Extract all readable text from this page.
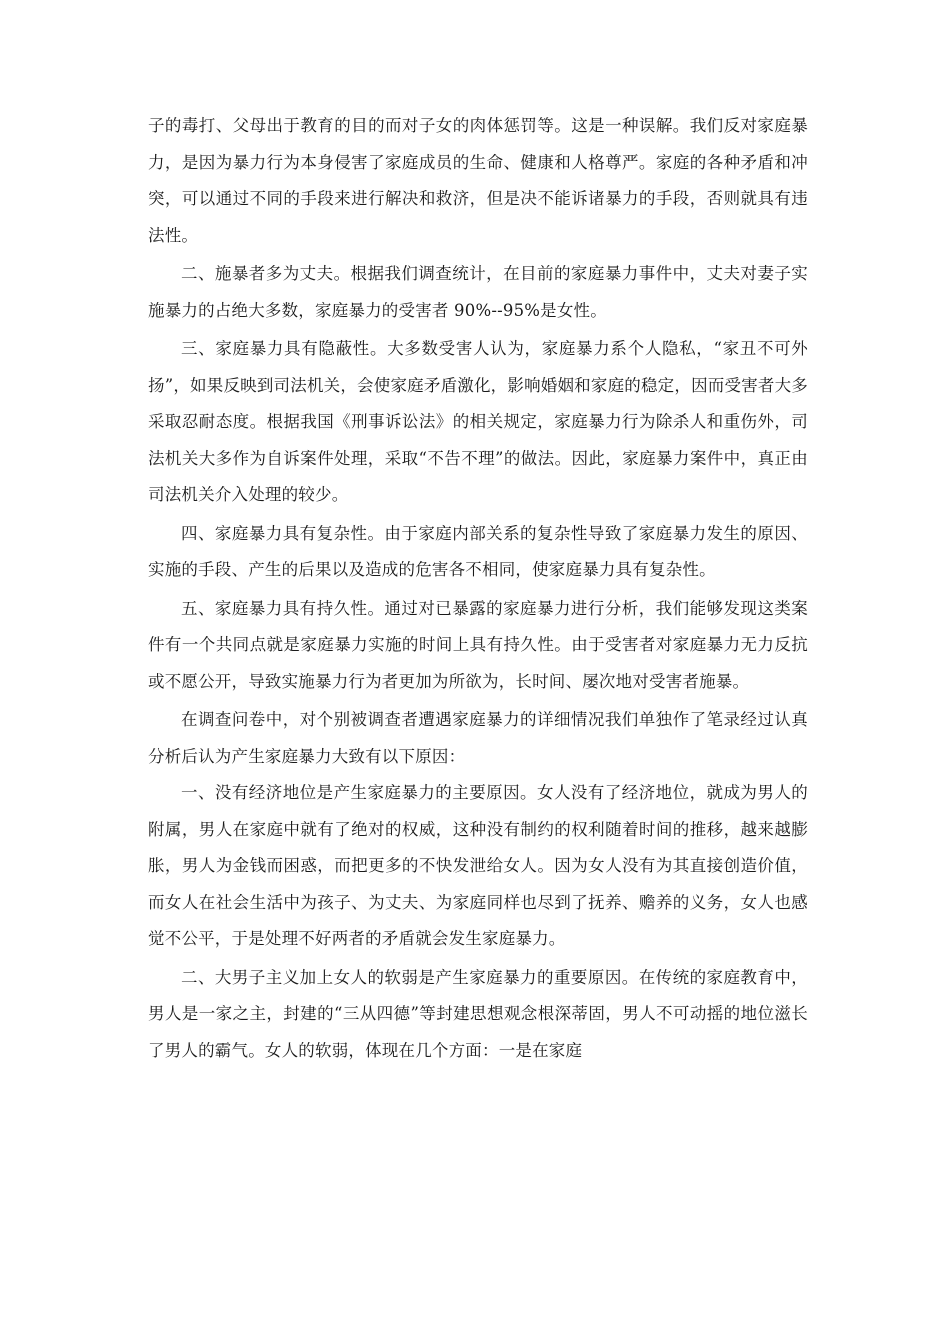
子的毒打、父母出于教育的目的而对子女的肉体惩罚等。这是一种误解。我们反对家庭暴力，是因为暴力行为本身侵害了家庭成员的生命、健康和人格尊严。家庭的各种矛盾和冲突，可以通过不同的手段来进行解决和救济，但是决不能诉诸暴力的手段，否则就具有违法性。

二、施暴者多为丈夫。根据我们调查统计，在目前的家庭暴力事件中，丈夫对妻子实施暴力的占绝大多数，家庭暴力的受害者 90%--95%是女性。

三、家庭暴力具有隐蔽性。大多数受害人认为，家庭暴力系个人隐私，“家丑不可外扬”，如果反映到司法机关，会使家庭矛盾激化，影响婚姻和家庭的稳定，因而受害者大多采取忍耐态度。根据我国《刑事诉讼法》的相关规定，家庭暴力行为除杀人和重伤外，司法机关大多作为自诉案件处理，采取“不告不理”的做法。因此，家庭暴力案件中，真正由司法机关介入处理的较少。

四、家庭暴力具有复杂性。由于家庭内部关系的复杂性导致了家庭暴力发生的原因、实施的手段、产生的后果以及造成的危害各不相同，使家庭暴力具有复杂性。

五、家庭暴力具有持久性。通过对已暴露的家庭暴力进行分析，我们能够发现这类案件有一个共同点就是家庭暴力实施的时间上具有持久性。由于受害者对家庭暴力无力反抗或不愿公开，导致实施暴力行为者更加为所欲为，长时间、屡次地对受害者施暴。

在调查问卷中，对个别被调查者遭遇家庭暴力的详细情况我们单独作了笔录经过认真分析后认为产生家庭暴力大致有以下原因：

一、没有经济地位是产生家庭暴力的主要原因。女人没有了经济地位，就成为男人的附属，男人在家庭中就有了绝对的权威，这种没有制约的权利随着时间的推移，越来越膨胀，男人为金钱而困惑，而把更多的不快发泄给女人。因为女人没有为其直接创造价值，而女人在社会生活中为孩子、为丈夫、为家庭同样也尽到了抚养、赡养的义务，女人也感觉不公平，于是处理不好两者的矛盾就会发生家庭暴力。

二、大男子主义加上女人的软弱是产生家庭暴力的重要原因。在传统的家庭教育中，男人是一家之主，封建的“三从四德”等封建思想观念根深蒂固，男人不可动摇的地位滋长了男人的霸气。女人的软弱，体现在几个方面：一是在家庭
